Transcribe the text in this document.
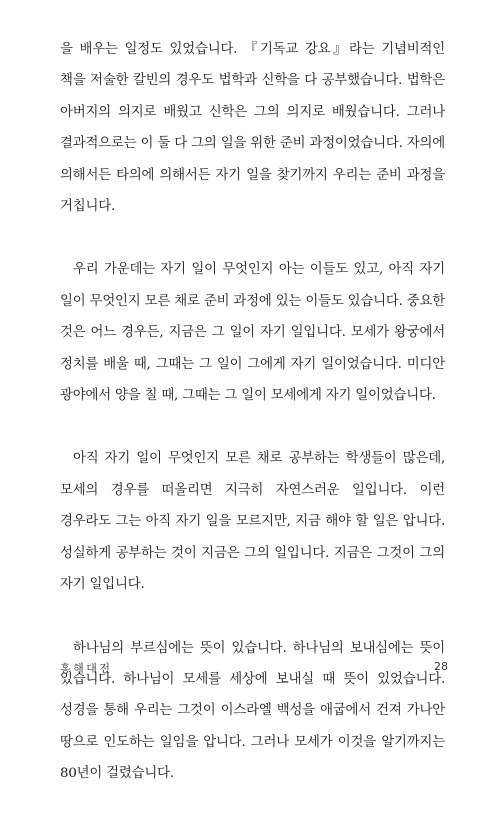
을 배우는 일정도 있었습니다. 『기독교 강요』라는 기념비적인 책을 저술한 칼빈의 경우도 법학과 신학을 다 공부했습니다. 법학은 아버지의 의지로 배웠고 신학은 그의 의지로 배웠습니다. 그러나 결과적으로는 이 둘 다 그의 일을 위한 준비 과정이었습니다. 자의에 의해서든 타의에 의해서든 자기 일을 찾기까지 우리는 준비 과정을 거칩니다.

우리 가운데는 자기 일이 무엇인지 아는 이들도 있고, 아직 자기 일이 무엇인지 모른 채로 준비 과정에 있는 이들도 있습니다. 중요한 것은 어느 경우든, 지금은 그 일이 자기 일입니다. 모세가 왕궁에서 정치를 배울 때, 그때는 그 일이 그에게 자기 일이었습니다. 미디안 광야에서 양을 칠 때, 그때는 그 일이 모세에게 자기 일이었습니다.

아직 자기 일이 무엇인지 모른 채로 공부하는 학생들이 많은데, 모세의 경우를 떠올리면 지극히 자연스러운 일입니다. 이런 경우라도 그는 아직 자기 일을 모르지만, 지금 해야 할 일은 압니다. 성실하게 공부하는 것이 지금은 그의 일입니다. 지금은 그것이 그의 자기 일입니다.

하나님의 부르심에는 뜻이 있습니다. 하나님의 보내심에는 뜻이 있습니다. 하나님이 모세를 세상에 보내실 때 뜻이 있었습니다. 성경을 통해 우리는 그것이 이스라엘 백성을 애굽에서 건져 가나안 땅으로 인도하는 일임을 압니다. 그러나 모세가 이것을 알기까지는 80년이 걸렸습니다.

홍해대전	28
